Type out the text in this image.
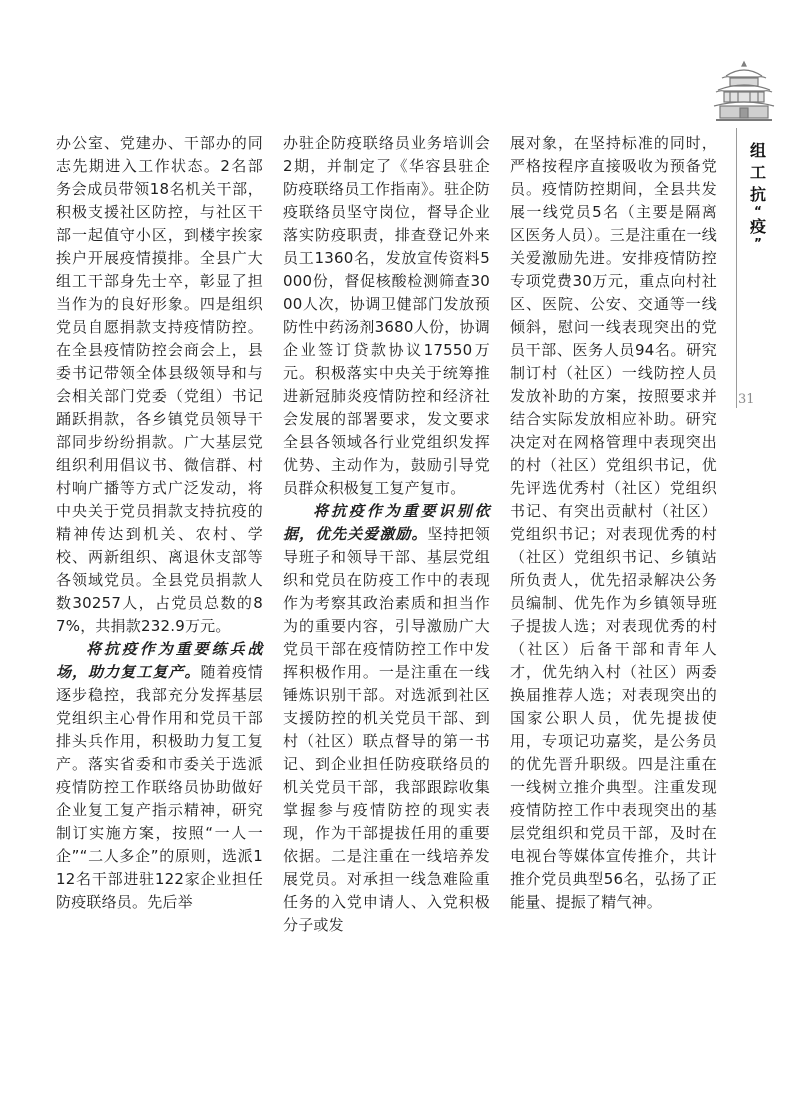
组
工
抗
“
疫
”
31

办公室、党建办、干部办的同志先期进入工作状态。2名部务会成员带领18名机关干部，积极支援社区防控，与社区干部一起值守小区，到楼宇挨家挨户开展疫情摸排。全县广大组工干部身先士卒，彰显了担当作为的良好形象。四是组织党员自愿捐款支持疫情防控。在全县疫情防控会商会上，县委书记带领全体县级领导和与会相关部门党委（党组）书记踊跃捐款，各乡镇党员领导干部同步纷纷捐款。广大基层党组织利用倡议书、微信群、村村响广播等方式广泛发动，将中央关于党员捐款支持抗疫的精神传达到机关、农村、学校、两新组织、离退休支部等各领域党员。全县党员捐款人数30257人，占党员总数的87%，共捐款232.9万元。

将抗疫作为重要练兵战场，助力复工复产。随着疫情逐步稳控，我部充分发挥基层党组织主心骨作用和党员干部排头兵作用，积极助力复工复产。落实省委和市委关于选派疫情防控工作联络员协助做好企业复工复产指示精神，研究制订实施方案，按照“一人一企”“二人多企”的原则，选派112名干部进驻122家企业担任防疫联络员。先后举

办驻企防疫联络员业务培训会2期，并制定了《华容县驻企防疫联络员工作指南》。驻企防疫联络员坚守岗位，督导企业落实防疫职责，排查登记外来员工1360名，发放宣传资料5000份，督促核酸检测筛查3000人次，协调卫健部门发放预防性中药汤剂3680人份，协调企业签订贷款协议17550万元。积极落实中央关于统筹推进新冠肺炎疫情防控和经济社会发展的部署要求，发文要求全县各领域各行业党组织发挥优势、主动作为，鼓励引导党员群众积极复工复产复市。

将抗疫作为重要识别依据，优先关爱激励。坚持把领导班子和领导干部、基层党组织和党员在防疫工作中的表现作为考察其政治素质和担当作为的重要内容，引导激励广大党员干部在疫情防控工作中发挥积极作用。一是注重在一线锤炼识别干部。对选派到社区支援防控的机关党员干部、到村（社区）联点督导的第一书记、到企业担任防疫联络员的机关党员干部，我部跟踪收集掌握参与疫情防控的现实表现，作为干部提拔任用的重要依据。二是注重在一线培养发展党员。对承担一线急难险重任务的入党申请人、入党积极分子或发

展对象，在坚持标准的同时，严格按程序直接吸收为预备党员。疫情防控期间，全县共发展一线党员5名（主要是隔离区医务人员）。三是注重在一线关爱激励先进。安排疫情防控专项党费30万元，重点向村社区、医院、公安、交通等一线倾斜，慰问一线表现突出的党员干部、医务人员94名。研究制订村（社区）一线防控人员发放补助的方案，按照要求并结合实际发放相应补助。研究决定对在网格管理中表现突出的村（社区）党组织书记，优先评选优秀村（社区）党组织书记、有突出贡献村（社区）党组织书记；对表现优秀的村（社区）党组织书记、乡镇站所负责人，优先招录解决公务员编制、优先作为乡镇领导班子提拔人选；对表现优秀的村（社区）后备干部和青年人才，优先纳入村（社区）两委换届推荐人选；对表现突出的国家公职人员，优先提拔使用，专项记功嘉奖，是公务员的优先晋升职级。四是注重在一线树立推介典型。注重发现疫情防控工作中表现突出的基层党组织和党员干部，及时在电视台等媒体宣传推介，共计推介党员典型56名，弘扬了正能量、提振了精气神。
